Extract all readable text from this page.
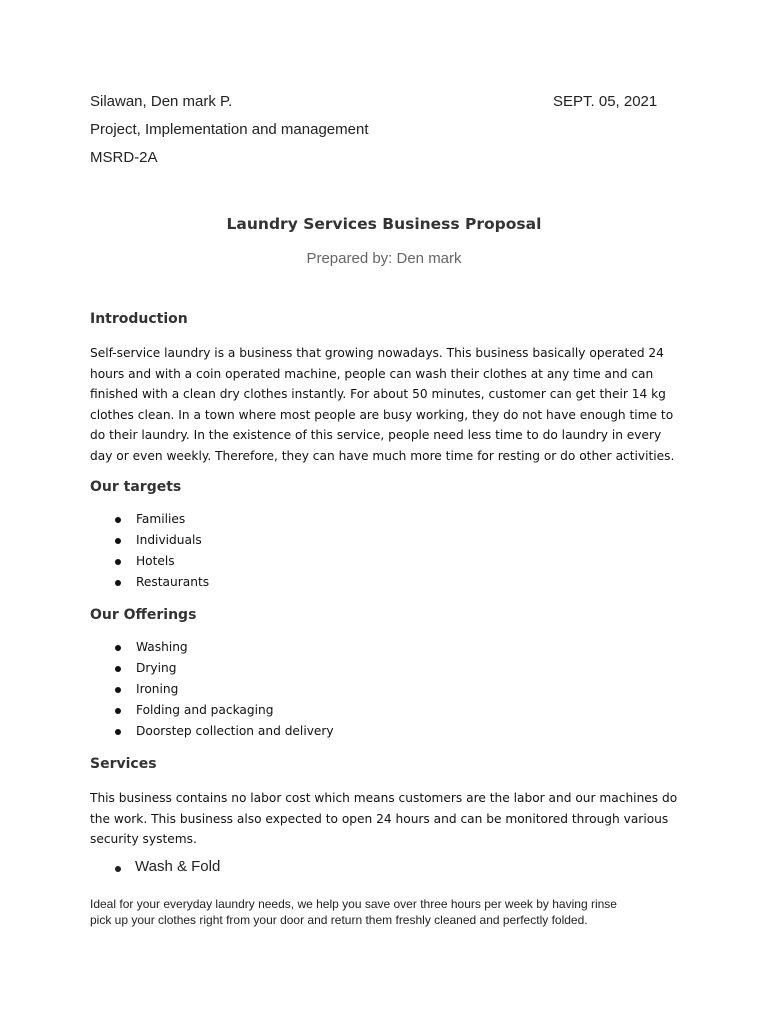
Silawan, Den mark P.	SEPT. 05, 2021
Project, Implementation and management
MSRD-2A
Laundry Services Business Proposal
Prepared by: Den mark
Introduction
Self-service laundry is a business that growing nowadays. This business basically operated 24
hours and with a coin operated machine, people can wash their clothes at any time and can
finished with a clean dry clothes instantly. For about 50 minutes, customer can get their 14 kg
clothes clean. In a town where most people are busy working, they do not have enough time to
do their laundry. In the existence of this service, people need less time to do laundry in every
day or even weekly. Therefore, they can have much more time for resting or do other activities.
Our targets
Families
Individuals
Hotels
Restaurants
Our Offerings
Washing
Drying
Ironing
Folding and packaging
Doorstep collection and delivery
Services
This business contains no labor cost which means customers are the labor and our machines do
the work. This business also expected to open 24 hours and can be monitored through various
security systems.
Wash & Fold
Ideal for your everyday laundry needs, we help you save over three hours per week by having rinse
pick up your clothes right from your door and return them freshly cleaned and perfectly folded.
